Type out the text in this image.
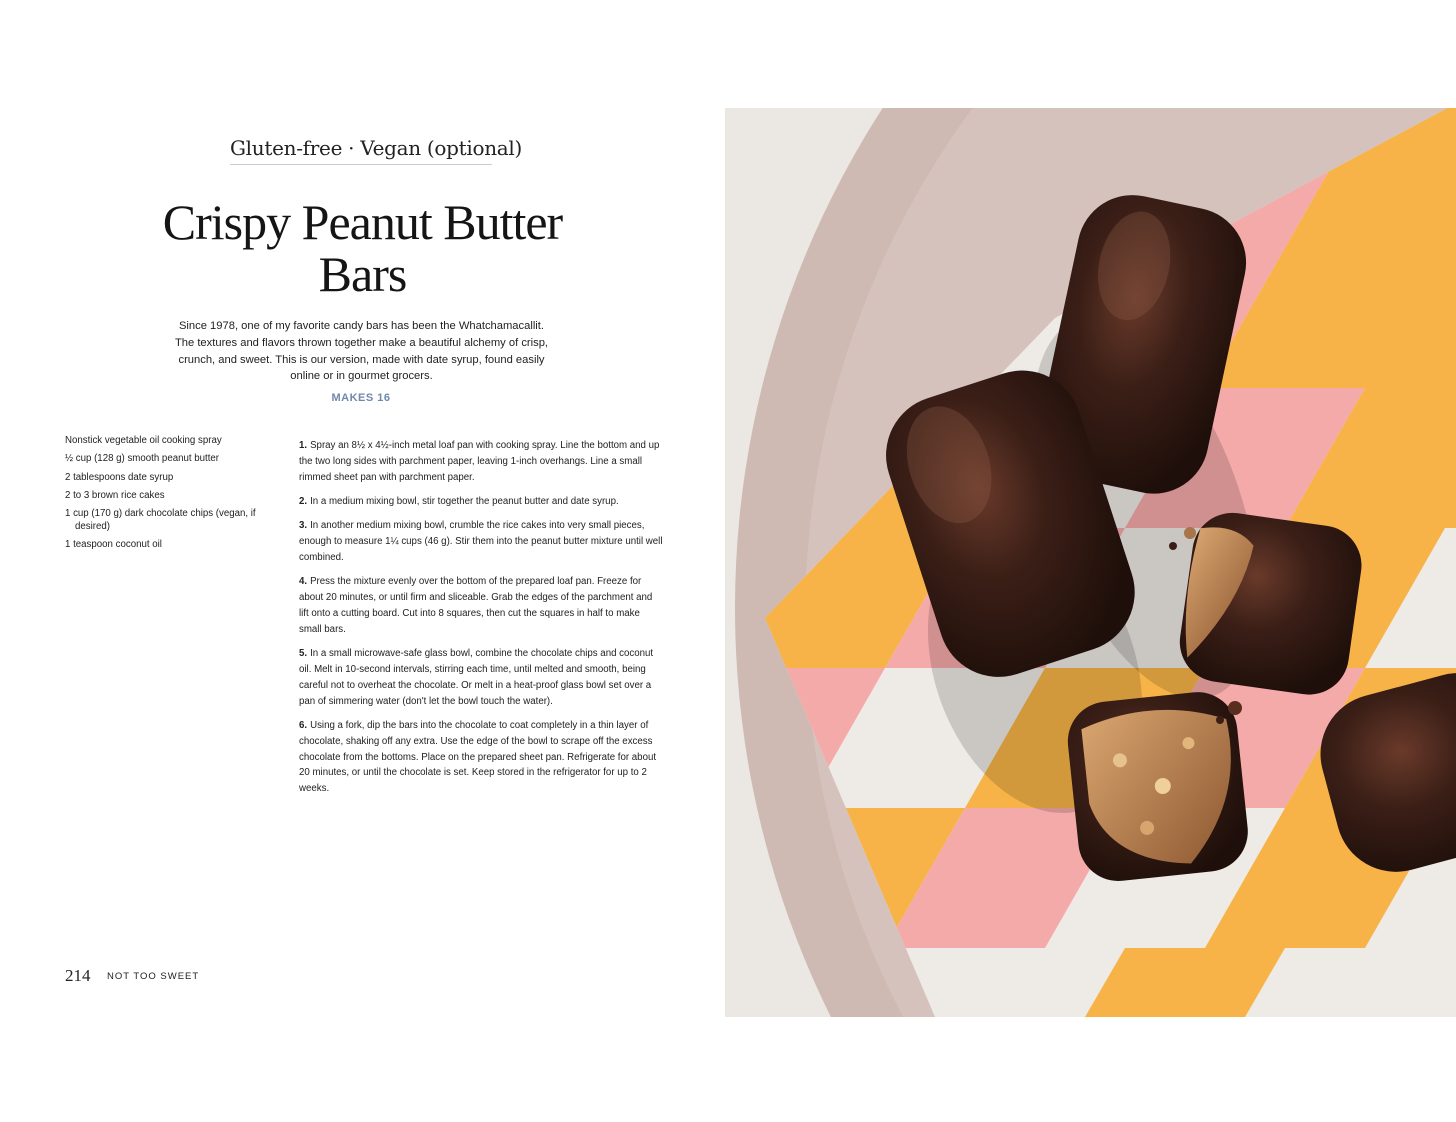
Gluten-free · Vegan (optional)
Crispy Peanut Butter
Bars

Since 1978, one of my favorite candy bars has been the Whatchamacallit. The textures and flavors thrown together make a beautiful alchemy of crisp, crunch, and sweet. This is our version, made with date syrup, found easily online or in gourmet grocers.

MAKES 16
Nonstick vegetable oil cooking spray
½ cup (128 g) smooth peanut butter
2 tablespoons date syrup
2 to 3 brown rice cakes
1 cup (170 g) dark chocolate chips (vegan, if desired)
1 teaspoon coconut oil
1. Spray an 8½ x 4½-inch metal loaf pan with cooking spray. Line the bottom and up the two long sides with parchment paper, leaving 1-inch overhangs. Line a small rimmed sheet pan with parchment paper.
2. In a medium mixing bowl, stir together the peanut butter and date syrup.
3. In another medium mixing bowl, crumble the rice cakes into very small pieces, enough to measure 1¼ cups (46 g). Stir them into the peanut butter mixture until well combined.
4. Press the mixture evenly over the bottom of the prepared loaf pan. Freeze for about 20 minutes, or until firm and sliceable. Grab the edges of the parchment and lift onto a cutting board. Cut into 8 squares, then cut the squares in half to make small bars.
5. In a small microwave-safe glass bowl, combine the chocolate chips and coconut oil. Melt in 10-second intervals, stirring each time, until melted and smooth, being careful not to overheat the chocolate. Or melt in a heat-proof glass bowl set over a pan of simmering water (don't let the bowl touch the water).
6. Using a fork, dip the bars into the chocolate to coat completely in a thin layer of chocolate, shaking off any extra. Use the edge of the bowl to scrape off the excess chocolate from the bottoms. Place on the prepared sheet pan. Refrigerate for about 20 minutes, or until the chocolate is set. Keep stored in the refrigerator for up to 2 weeks.
214 NOT TOO SWEET
